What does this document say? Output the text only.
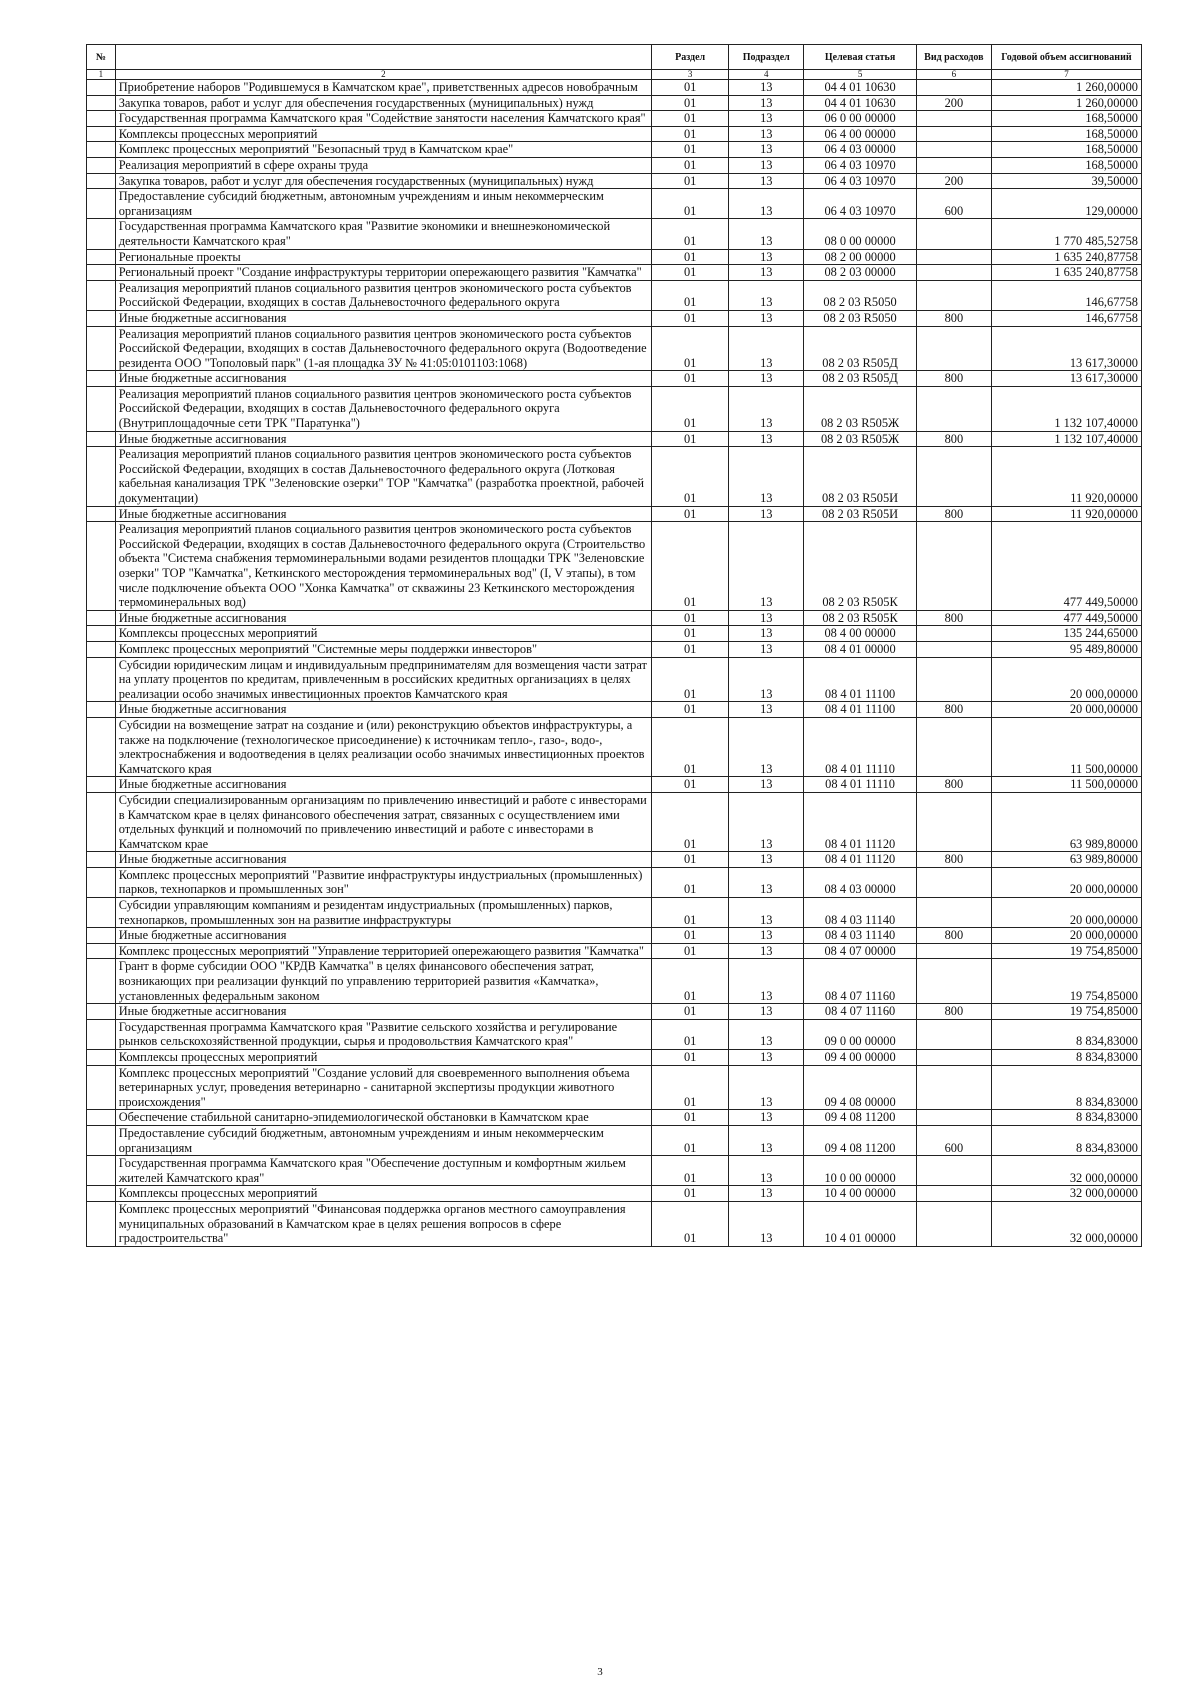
№		Раздел	Подраздел	Целевая статья	Вид расходов	Годовой объем ассигнований
1	2	3	4	5	6	7
	Приобретение наборов "Родившемуся в Камчатском крае", приветственных адресов новобрачным	01	13	04 4 01 10630		1 260,00000
	Закупка товаров, работ и услуг для обеспечения государственных (муниципальных) нужд	01	13	04 4 01 10630	200	1 260,00000
	Государственная программа Камчатского края "Содействие занятости населения Камчатского края"	01	13	06 0 00 00000		168,50000
	Комплексы процессных мероприятий	01	13	06 4 00 00000		168,50000
	Комплекс процессных мероприятий "Безопасный труд в Камчатском крае"	01	13	06 4 03 00000		168,50000
	Реализация мероприятий в сфере охраны труда	01	13	06 4 03 10970		168,50000
	Закупка товаров, работ и услуг для обеспечения государственных (муниципальных) нужд	01	13	06 4 03 10970	200	39,50000
	Предоставление субсидий бюджетным, автономным учреждениям и иным некоммерческим организациям	01	13	06 4 03 10970	600	129,00000
	Государственная программа Камчатского края "Развитие экономики и внешнеэкономической деятельности Камчатского края"	01	13	08 0 00 00000		1 770 485,52758
	Региональные проекты	01	13	08 2 00 00000		1 635 240,87758
	Региональный проект "Создание инфраструктуры территории опережающего развития "Камчатка"	01	13	08 2 03 00000		1 635 240,87758
	Реализация мероприятий планов социального развития центров экономического роста субъектов Российской Федерации, входящих в состав Дальневосточного федерального округа	01	13	08 2 03 R5050		146,67758
	Иные бюджетные ассигнования	01	13	08 2 03 R5050	800	146,67758
	Реализация мероприятий планов социального развития центров экономического роста субъектов Российской Федерации, входящих в состав Дальневосточного федерального округа (Водоотведение резидента ООО "Тополовый парк" (1-ая площадка ЗУ № 41:05:0101103:1068)	01	13	08 2 03 R505Д		13 617,30000
	Иные бюджетные ассигнования	01	13	08 2 03 R505Д	800	13 617,30000
	Реализация мероприятий планов социального развития центров экономического роста субъектов Российской Федерации, входящих в состав Дальневосточного федерального округа (Внутриплощадочные сети ТРК "Паратунка")	01	13	08 2 03 R505Ж		1 132 107,40000
	Иные бюджетные ассигнования	01	13	08 2 03 R505Ж	800	1 132 107,40000
	Реализация мероприятий планов социального развития центров экономического роста субъектов Российской Федерации, входящих в состав Дальневосточного федерального округа (Лотковая кабельная канализация ТРК "Зеленовские озерки" ТОР "Камчатка" (разработка проектной, рабочей документации)	01	13	08 2 03 R505И		11 920,00000
	Иные бюджетные ассигнования	01	13	08 2 03 R505И	800	11 920,00000
	Реализация мероприятий планов социального развития центров экономического роста субъектов Российской Федерации, входящих в состав Дальневосточного федерального округа (Строительство объекта "Система снабжения термоминеральными водами резидентов площадки ТРК "Зеленовские озерки" ТОР "Камчатка", Кеткинского месторождения термоминеральных вод" (I, V этапы), в том числе подключение объекта ООО "Хонка Камчатка" от скважины 23 Кеткинского месторождения термоминеральных вод)	01	13	08 2 03 R505К		477 449,50000
	Иные бюджетные ассигнования	01	13	08 2 03 R505К	800	477 449,50000
	Комплексы процессных мероприятий	01	13	08 4 00 00000		135 244,65000
	Комплекс процессных мероприятий "Системные меры поддержки инвесторов"	01	13	08 4 01 00000		95 489,80000
	Субсидии юридическим лицам и индивидуальным предпринимателям для возмещения части затрат на уплату процентов по кредитам, привлеченным в российских кредитных организациях в целях реализации особо значимых инвестиционных проектов Камчатского края	01	13	08 4 01 11100		20 000,00000
	Иные бюджетные ассигнования	01	13	08 4 01 11100	800	20 000,00000
	Субсидии на возмещение затрат на создание и (или) реконструкцию объектов инфраструктуры, а также на подключение (технологическое присоединение) к источникам тепло-, газо-, водо-, электроснабжения и водоотведения в целях реализации особо значимых инвестиционных проектов Камчатского края	01	13	08 4 01 11110		11 500,00000
	Иные бюджетные ассигнования	01	13	08 4 01 11110	800	11 500,00000
	Субсидии специализированным организациям по привлечению инвестиций и работе с инвесторами в Камчатском крае в целях финансового обеспечения затрат, связанных с осуществлением ими отдельных функций и полномочий по привлечению инвестиций и работе с инвесторами в Камчатском крае	01	13	08 4 01 11120		63 989,80000
	Иные бюджетные ассигнования	01	13	08 4 01 11120	800	63 989,80000
	Комплекс процессных мероприятий "Развитие инфраструктуры индустриальных (промышленных) парков, технопарков и промышленных зон"	01	13	08 4 03 00000		20 000,00000
	Субсидии управляющим компаниям и резидентам индустриальных (промышленных) парков, технопарков, промышленных зон на развитие инфраструктуры	01	13	08 4 03 11140		20 000,00000
	Иные бюджетные ассигнования	01	13	08 4 03 11140	800	20 000,00000
	Комплекс процессных мероприятий "Управление территорией опережающего развития "Камчатка"	01	13	08 4 07 00000		19 754,85000
	Грант в форме субсидии ООО "КРДВ Камчатка" в целях финансового обеспечения затрат, возникающих при реализации функций по управлению территорией развития «Камчатка», установленных федеральным законом	01	13	08 4 07 11160		19 754,85000
	Иные бюджетные ассигнования	01	13	08 4 07 11160	800	19 754,85000
	Государственная программа Камчатского края "Развитие сельского хозяйства и регулирование рынков сельскохозяйственной продукции, сырья и продовольствия Камчатского края"	01	13	09 0 00 00000		8 834,83000
	Комплексы процессных мероприятий	01	13	09 4 00 00000		8 834,83000
	Комплекс процессных мероприятий "Создание условий для своевременного выполнения объема ветеринарных услуг, проведения ветеринарно - санитарной экспертизы продукции животного происхождения"	01	13	09 4 08 00000		8 834,83000
	Обеспечение стабильной санитарно-эпидемиологической обстановки в Камчатском крае	01	13	09 4 08 11200		8 834,83000
	Предоставление субсидий бюджетным, автономным учреждениям и иным некоммерческим организациям	01	13	09 4 08 11200	600	8 834,83000
	Государственная программа Камчатского края "Обеспечение доступным и комфортным жильем жителей Камчатского края"	01	13	10 0 00 00000		32 000,00000
	Комплексы процессных мероприятий	01	13	10 4 00 00000		32 000,00000
	Комплекс процессных мероприятий "Финансовая поддержка органов местного самоуправления муниципальных образований в Камчатском крае в целях решения вопросов в сфере градостроительства"	01	13	10 4 01 00000		32 000,00000
3
